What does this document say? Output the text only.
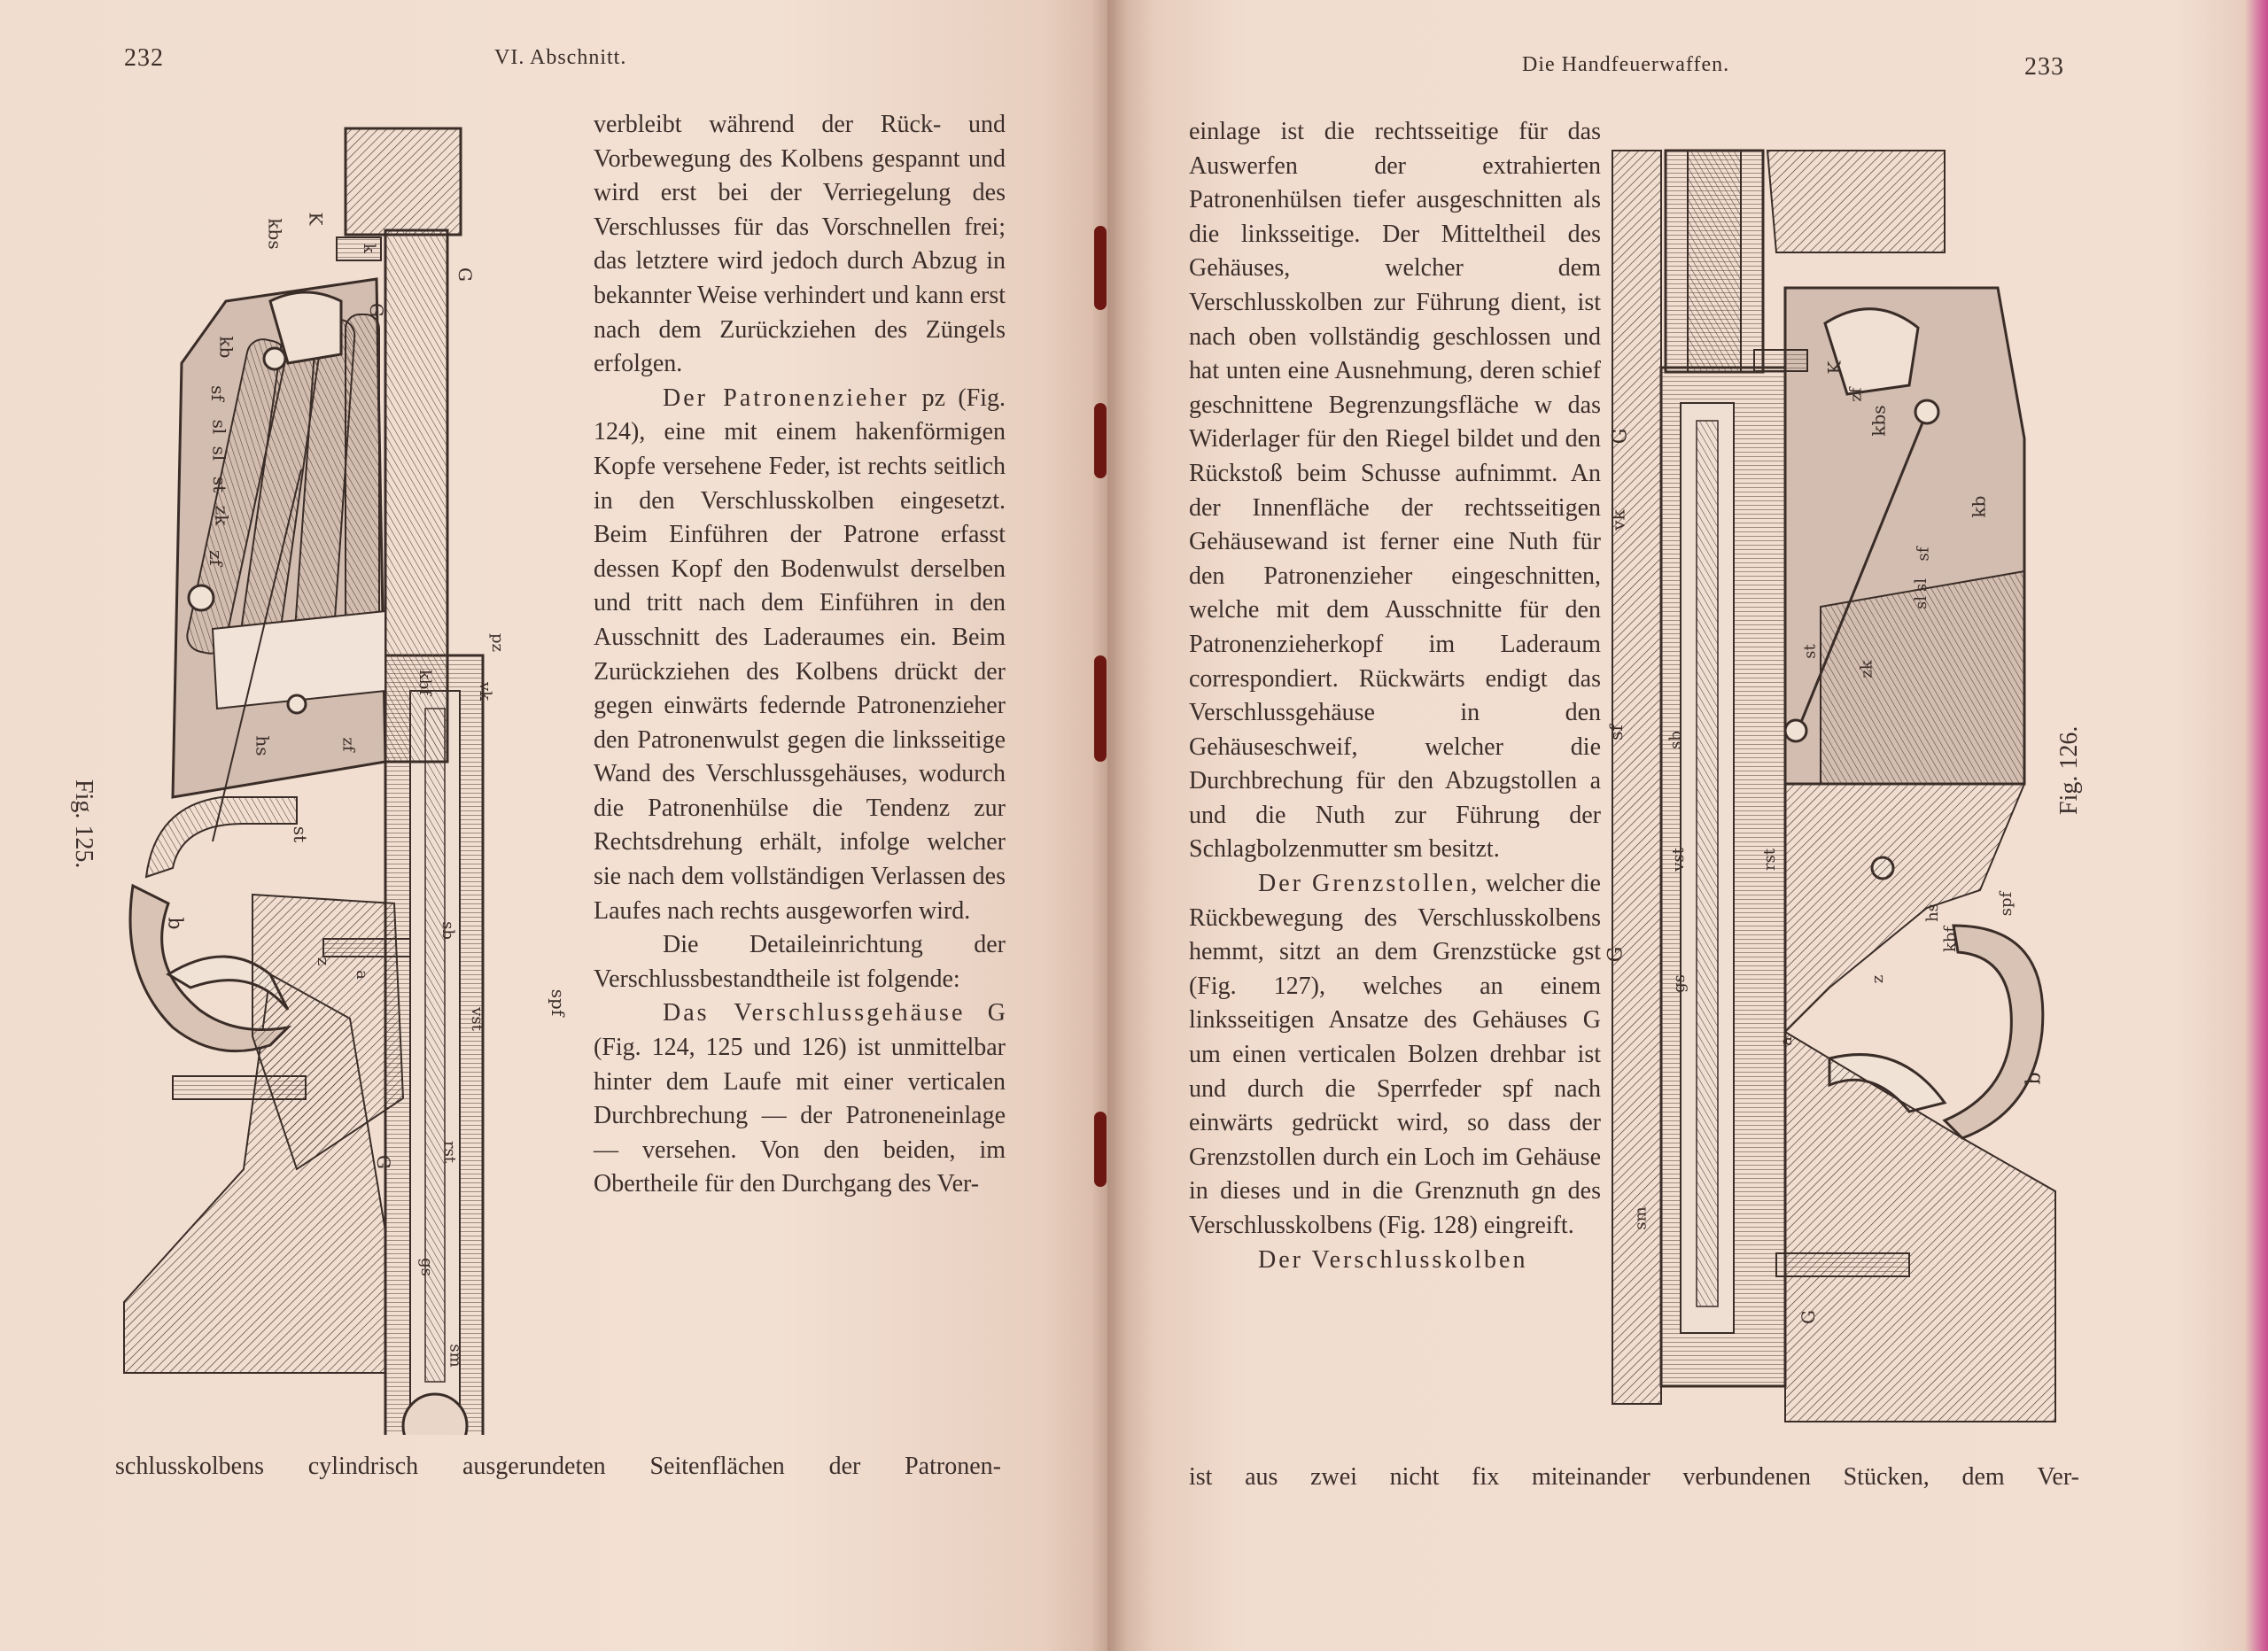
232	VI. Abschnitt.
K
kbs	k
G
G
kb
sf
sl
sl
st
zk
zf
pz
vk
hs
kbf
b
z
a
vst
sb
spf
st
G
gs
sm
zf
rst
Fig. 125.

verbleibt während der Rück- und Vorbewegung des Kolbens gespannt und wird erst bei der Verriegelung des Verschlusses für das Vorschnellen frei; das letztere wird jedoch durch Abzug in bekannter Weise verhindert und kann erst nach dem Zurückziehen des Züngels erfolgen.

Der Patronenzieher pz (Fig. 124), eine mit einem hakenförmigen Kopfe versehene Feder, ist rechts seitlich in den Verschlusskolben eingesetzt. Beim Einführen der Patrone erfasst dessen Kopf den Bodenwulst derselben und tritt nach dem Einführen in den Ausschnitt des Laderaumes ein. Beim Zurückziehen des Kolbens drückt der gegen einwärts federnde Patronenzieher den Patronenwulst gegen die linksseitige Wand des Verschlussgehäuses, wodurch die Patronenhülse die Tendenz zur Rechtsdrehung erhält, infolge welcher sie nach dem vollständigen Verlassen des Laufes nach rechts ausgeworfen wird.

Die Detaileinrichtung der Verschlussbestandtheile ist folgende:

Das Verschlussgehäuse G (Fig. 124, 125 und 126) ist unmittelbar hinter dem Laufe mit einer verticalen Durchbrechung — der Patroneneinlage — versehen. Von den beiden, im Obertheile für den Durchgang des Ver-

schlusskolbens cylindrisch ausgerundeten Seitenflächen der Patronen-
Die Handfeuerwaffen.	233

einlage ist die rechtsseitige für das Auswerfen der extrahierten Patronenhülsen tiefer ausgeschnitten als die linksseitige. Der Mitteltheil des Gehäuses, welcher dem Verschlusskolben zur Führung dient, ist nach oben vollständig geschlossen und hat unten eine Ausnehmung, deren schief geschnittene Begrenzungsfläche w das Widerlager für den Riegel bildet und den Rückstoß beim Schusse aufnimmt. An der Innenfläche der rechtsseitigen Gehäusewand ist ferner eine Nuth für den Patronenzieher eingeschnitten, welche mit dem Ausschnitte für den Patronenzieherkopf im Laderaum correspondiert. Rückwärts endigt das Verschlussgehäuse in den Gehäuseschweif, welcher die Durchbrechung für den Abzugstollen a und die Nuth zur Führung der Schlagbolzenmutter sm besitzt.

Der Grenzstollen, welcher die Rückbewegung des Verschlusskolbens hemmt, sitzt an dem Grenzstücke gst (Fig. 127), welches an einem linksseitigen Ansatze des Gehäuses G um einen verticalen Bolzen drehbar ist und durch die Sperrfeder spf nach einwärts gedrückt wird, so dass der Grenzstollen durch ein Loch im Gehäuse in dieses und in die Grenznuth gn des Verschlusskolbens (Fig. 128) eingreift.

Der Verschlusskolben

ist aus zwei nicht fix miteinander verbundenen Stücken, dem Ver-
K
zf
kbs
G
sf
sl
sl
kb
vk
sb
st
zk
sf
vst	rst
G
gs
sm
hs
kbf
b
z
a
spf
G
Fig. 126.
